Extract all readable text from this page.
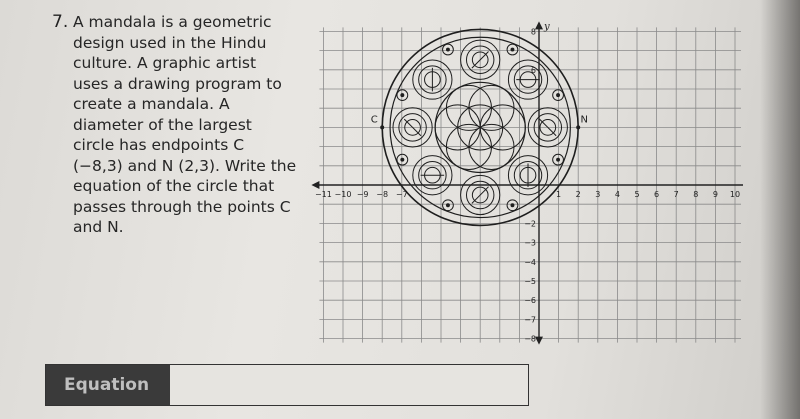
7. A mandala is a geometric
design used in the Hindu
culture. A graphic artist
uses a drawing program to
create a mandala. A
diameter of the largest
circle has endpoints C
(−8,3) and N (2,3). Write the
equation of the circle that
passes through the points C
and N.
−11 −10 −9 −8 −7	1 2 3 4 5 6 7 8 9 10
8
6
−2
−3
−4
−5
−6
−7
−8
y
C	N
Equation
